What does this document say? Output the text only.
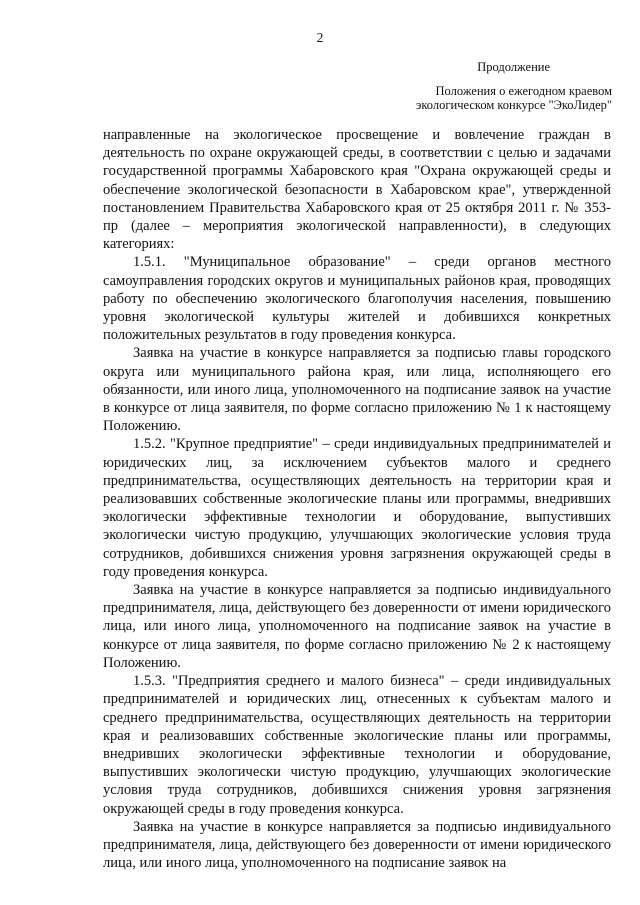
2
Продолжение
Положения о ежегодном краевом
экологическом конкурсе "ЭкоЛидер"

направленные на экологическое просвещение и вовлечение граждан в деятельность по охране окружающей среды, в соответствии с целью и задачами государственной программы Хабаровского края "Охрана окружающей среды и обеспечение экологической безопасности в Хабаровском крае", утвержденной постановлением Правительства Хабаровского края от 25 октября 2011 г. № 353-пр (далее – мероприятия экологической направленности), в следующих категориях:

1.5.1. "Муниципальное образование" – среди органов местного самоуправления городских округов и муниципальных районов края, проводящих работу по обеспечению экологического благополучия населения, повышению уровня экологической культуры жителей и добившихся конкретных положительных результатов в году проведения конкурса.

Заявка на участие в конкурсе направляется за подписью главы городского округа или муниципального района края, или лица, исполняющего его обязанности, или иного лица, уполномоченного на подписание заявок на участие в конкурсе от лица заявителя, по форме согласно приложению № 1 к настоящему Положению.

1.5.2. "Крупное предприятие" – среди индивидуальных предпринимателей и юридических лиц, за исключением субъектов малого и среднего предпринимательства, осуществляющих деятельность на территории края и реализовавших собственные экологические планы или программы, внедривших экологически эффективные технологии и оборудование, выпустивших экологически чистую продукцию, улучшающих экологические условия труда сотрудников, добившихся снижения уровня загрязнения окружающей среды в году проведения конкурса.

Заявка на участие в конкурсе направляется за подписью индивидуального предпринимателя, лица, действующего без доверенности от имени юридического лица, или иного лица, уполномоченного на подписание заявок на участие в конкурсе от лица заявителя, по форме согласно приложению № 2 к настоящему Положению.

1.5.3. "Предприятия среднего и малого бизнеса" – среди индивидуальных предпринимателей и юридических лиц, отнесенных к субъектам малого и среднего предпринимательства, осуществляющих деятельность на территории края и реализовавших собственные экологические планы или программы, внедривших экологически эффективные технологии и оборудование, выпустивших экологически чистую продукцию, улучшающих экологические условия труда сотрудников, добившихся снижения уровня загрязнения окружающей среды в году проведения конкурса.

Заявка на участие в конкурсе направляется за подписью индивидуального предпринимателя, лица, действующего без доверенности от имени юридического лица, или иного лица, уполномоченного на подписание заявок на
